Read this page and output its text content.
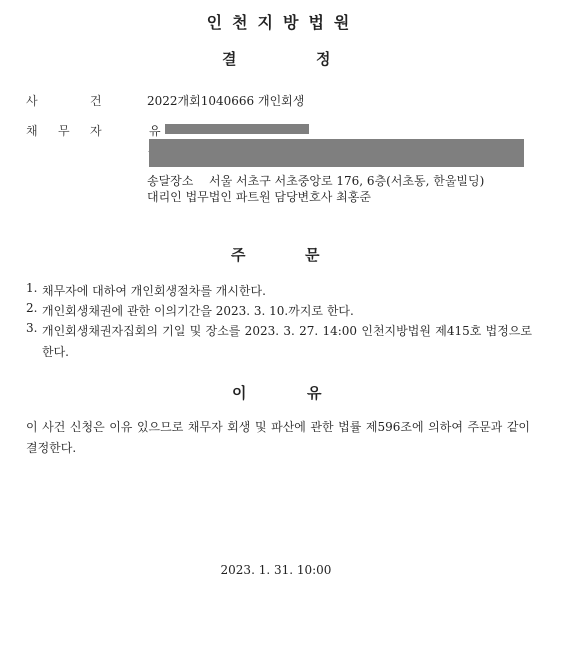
인천지방법원
결	정
사	건	2022개회1040666 개인회생
채 무 자	유
송달장소 서울 서초구 서초중앙로 176, 6층(서초동, 한울빌딩)
대리인 법무법인 파트원 담당변호사 최홍준
주	문
1. 채무자에 대하여 개인회생절차를 개시한다.
2. 개인회생채권에 관한 이의기간을 2023. 3. 10.까지로 한다.
3. 개인회생채권자집회의 기일 및 장소를 2023. 3. 27. 14:00 인천지방법원 제415호 법정으로 한다.
이	유
이 사건 신청은 이유 있으므로 채무자 회생 및 파산에 관한 법률 제596조에 의하여 주문과 같이 결정한다.
2023. 1. 31. 10:00
